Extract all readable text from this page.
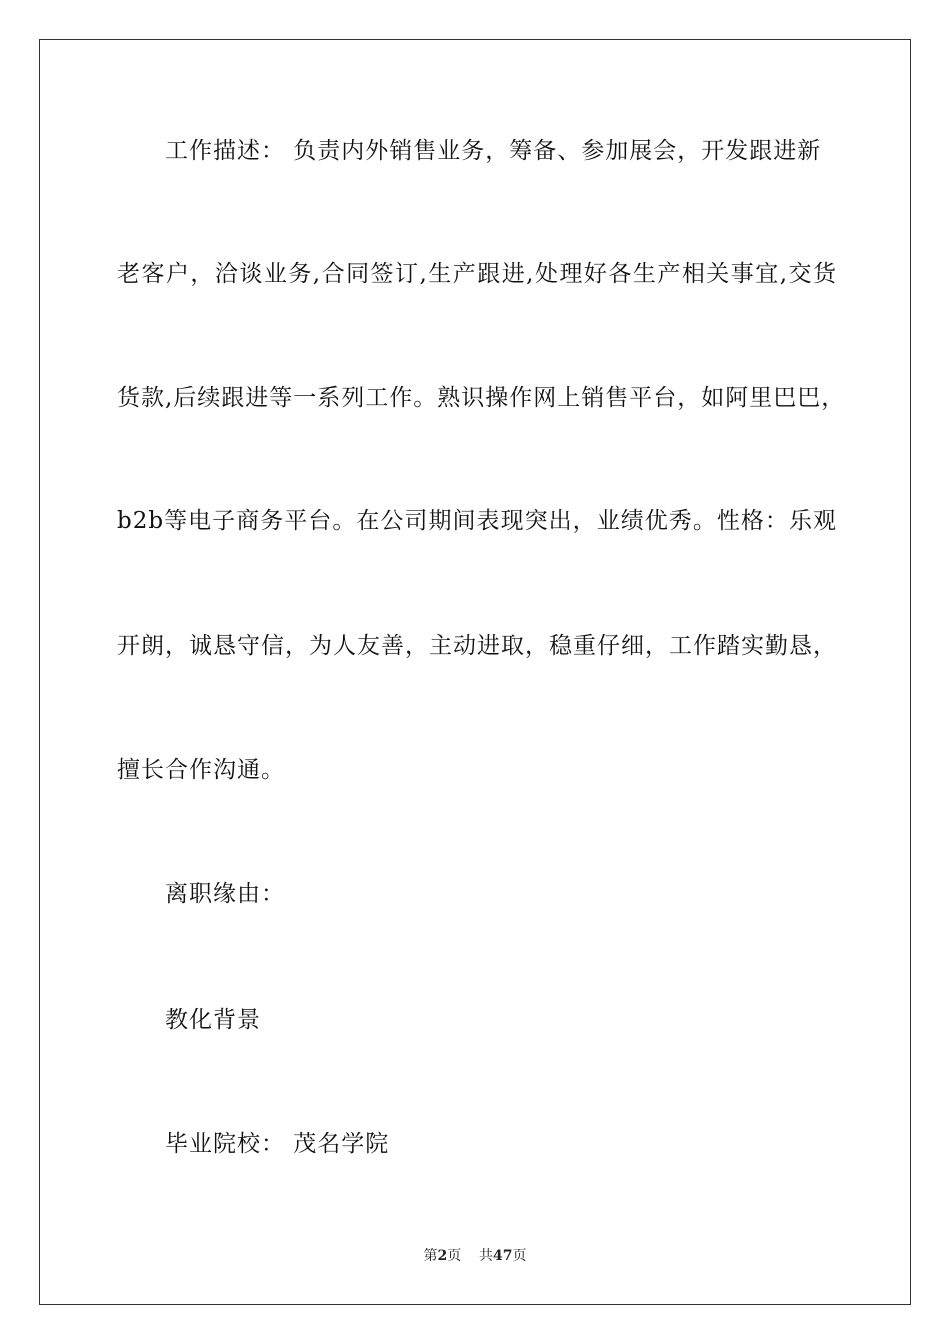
工作描述： 负责内外销售业务，筹备、参加展会，开发跟进新
老客户，洽谈业务,合同签订,生产跟进,处理好各生产相关事宜,交货
货款,后续跟进等一系列工作。熟识操作网上销售平台，如阿里巴巴，
b2b等电子商务平台。在公司期间表现突出，业绩优秀。性格：乐观
开朗，诚恳守信，为人友善，主动进取，稳重仔细，工作踏实勤恳，
擅长合作沟通。
离职缘由：
教化背景
毕业院校： 茂名学院
第2页 共47页
